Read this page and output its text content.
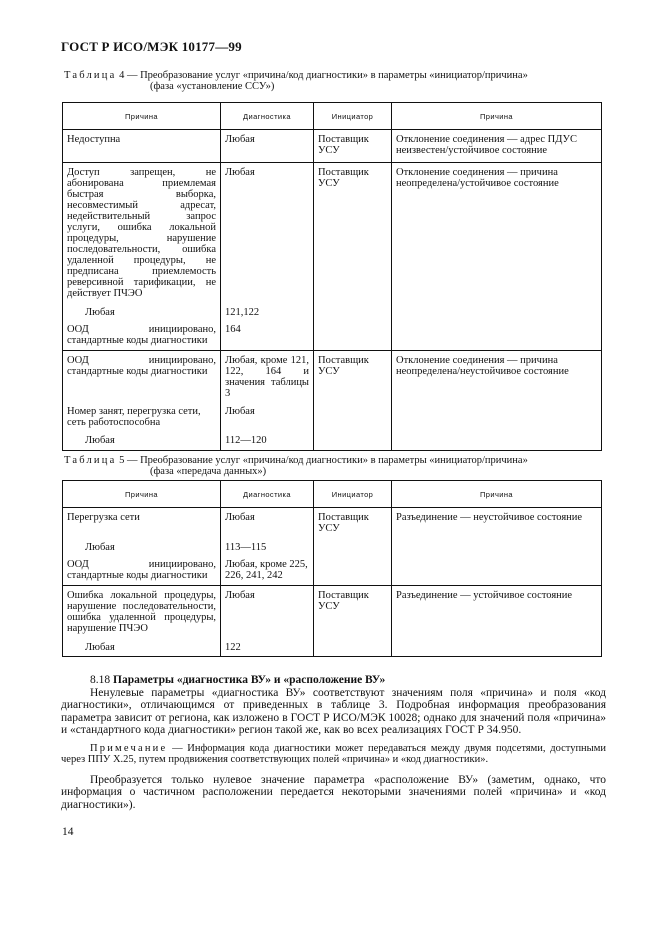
ГОСТ Р ИСО/МЭК 10177—99
Таблица 4 — Преобразование услуг «причина/код диагностики» в параметры «инициатор/причина»
(фаза «установление ССУ»)
Причина	Диагностика	Инициатор	Причина
Недоступна	Любая	Поставщик УСУ	Отклонение соединения — адрес ПДУС неизвестен/устойчивое состояние
Доступ запрещен, не абонирована приемлемая быстрая выборка, несовместимый адресат, недействительный запрос услуги, ошибка локальной процедуры, нарушение последовательности, ошибка удаленной процедуры, не предписана приемлемость реверсивной тарификации, не действует ПЧЭО	Любая	Поставщик УСУ	Отклонение соединения — причина неопределена/устойчивое состояние
Любая	121,122		
ООД инициировано, стандартные коды диагностики	164		
ООД инициировано, стандартные коды диагностики	Любая, кроме 121, 122, 164 и значения таблицы 3	Поставщик УСУ	Отклонение соединения — причина неопределена/неустойчивое состояние
Номер занят, перегрузка сети, сеть работоспособна	Любая		
Любая	112—120		
Таблица 5 — Преобразование услуг «причина/код диагностики» в параметры «инициатор/причина»
(фаза «передача данных»)
Причина	Диагностика	Инициатор	Причина
Перегрузка сети	Любая	Поставщик УСУ	Разъединение — неустойчивое состояние
Любая	113—115		
ООД инициировано, стандартные коды диагностики	Любая, кроме 225, 226, 241, 242		
Ошибка локальной процедуры, нарушение последовательности, ошибка удаленной процедуры, нарушение ПЧЭО	Любая	Поставщик УСУ	Разъединение — устойчивое состояние
Любая	122		

8.18 Параметры «диагностика ВУ» и «расположение ВУ»

Ненулевые параметры «диагностика ВУ» соответствуют значениям поля «причина» и поля «код диагностики», отличающимся от приведенных в таблице 3. Подробная информация преобразования параметра зависит от региона, как изложено в ГОСТ Р ИСО/МЭК 10028; однако для значений поля «причина» и «стандартного кода диагностики» регион такой же, как во всех реализациях ГОСТ Р 34.950.

Примечание — Информация кода диагностики может передаваться между двумя подсетями, доступными через ППУ Х.25, путем продвижения соответствующих полей «причина» и «код диагностики».

Преобразуется только нулевое значение параметра «расположение ВУ» (заметим, однако, что информация о частичном расположении передается некоторыми значениями полей «причина» и «код диагностики»).

14
